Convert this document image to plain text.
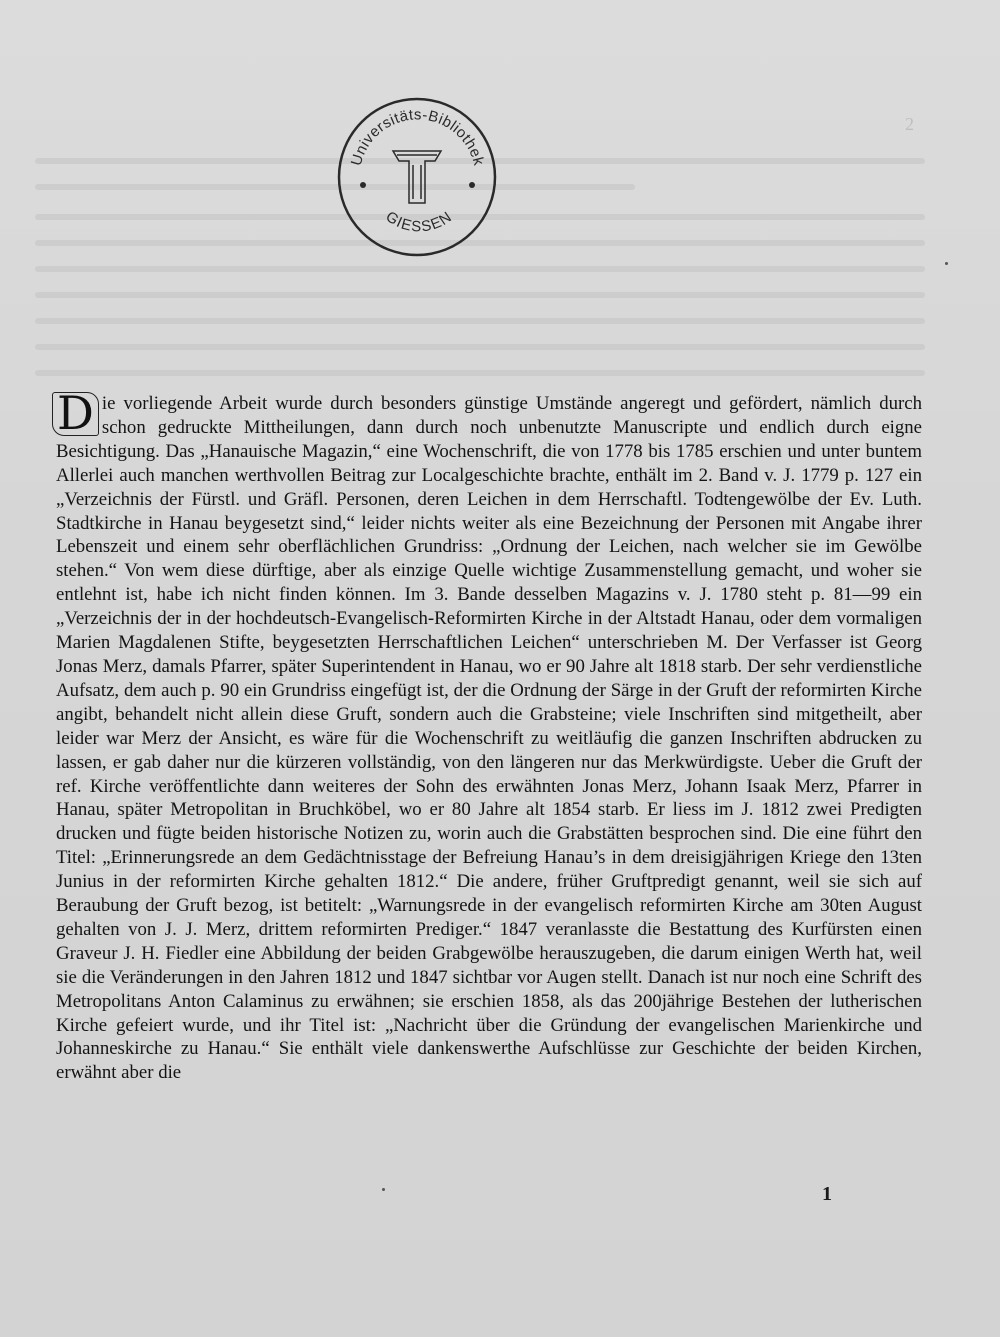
2
Universitäts-Bibliothek
GIESSEN

D ie vorliegende Arbeit wurde durch besonders günstige Umstände angeregt und gefördert, nämlich durch schon gedruckte Mittheilungen, dann durch noch unbenutzte Manuscripte und endlich durch eigne Besichtigung. Das „Hanauische Magazin,“ eine Wochenschrift, die von 1778 bis 1785 erschien und unter buntem Allerlei auch manchen werthvollen Beitrag zur Localgeschichte brachte, enthält im 2. Band v. J. 1779 p. 127 ein „Verzeichnis der Fürstl. und Gräfl. Personen, deren Leichen in dem Herrschaftl. Todtengewölbe der Ev. Luth. Stadtkirche in Hanau beygesetzt sind,“ leider nichts weiter als eine Bezeichnung der Personen mit Angabe ihrer Lebenszeit und einem sehr oberflächlichen Grundriss: „Ordnung der Leichen, nach welcher sie im Gewölbe stehen.“ Von wem diese dürftige, aber als einzige Quelle wichtige Zusammenstellung gemacht, und woher sie entlehnt ist, habe ich nicht finden können. Im 3. Bande desselben Magazins v. J. 1780 steht p. 81—99 ein „Verzeichnis der in der hochdeutsch-Evangelisch-Reformirten Kirche in der Altstadt Hanau, oder dem vormaligen Marien Magdalenen Stifte, beygesetzten Herrschaftlichen Leichen“ unterschrieben M. Der Verfasser ist Georg Jonas Merz, damals Pfarrer, später Superintendent in Hanau, wo er 90 Jahre alt 1818 starb. Der sehr verdienstliche Aufsatz, dem auch p. 90 ein Grundriss eingefügt ist, der die Ordnung der Särge in der Gruft der reformirten Kirche angibt, behandelt nicht allein diese Gruft, sondern auch die Grabsteine; viele Inschriften sind mitgetheilt, aber leider war Merz der Ansicht, es wäre für die Wochenschrift zu weitläufig die ganzen Inschriften abdrucken zu lassen, er gab daher nur die kürzeren vollständig, von den längeren nur das Merkwürdigste. Ueber die Gruft der ref. Kirche veröffentlichte dann weiteres der Sohn des erwähnten Jonas Merz, Johann Isaak Merz, Pfarrer in Hanau, später Metropolitan in Bruchköbel, wo er 80 Jahre alt 1854 starb. Er liess im J. 1812 zwei Predigten drucken und fügte beiden historische Notizen zu, worin auch die Grabstätten besprochen sind. Die eine führt den Titel: „Erinnerungsrede an dem Gedächtnisstage der Befreiung Hanau’s in dem dreisigjährigen Kriege den 13ten Junius in der reformirten Kirche gehalten 1812.“ Die andere, früher Gruftpredigt genannt, weil sie sich auf Beraubung der Gruft bezog, ist betitelt: „Warnungsrede in der evangelisch reformirten Kirche am 30ten August gehalten von J. J. Merz, drittem reformirten Prediger.“ 1847 veranlasste die Bestattung des Kurfürsten einen Graveur J. H. Fiedler eine Abbildung der beiden Grabgewölbe herauszugeben, die darum einigen Werth hat, weil sie die Veränderungen in den Jahren 1812 und 1847 sichtbar vor Augen stellt. Danach ist nur noch eine Schrift des Metropolitans Anton Calaminus zu erwähnen; sie erschien 1858, als das 200jährige Bestehen der lutherischen Kirche gefeiert wurde, und ihr Titel ist: „Nachricht über die Gründung der evangelischen Marienkirche und Johanneskirche zu Hanau.“ Sie enthält viele dankenswerthe Aufschlüsse zur Geschichte der beiden Kirchen, erwähnt aber die

1
